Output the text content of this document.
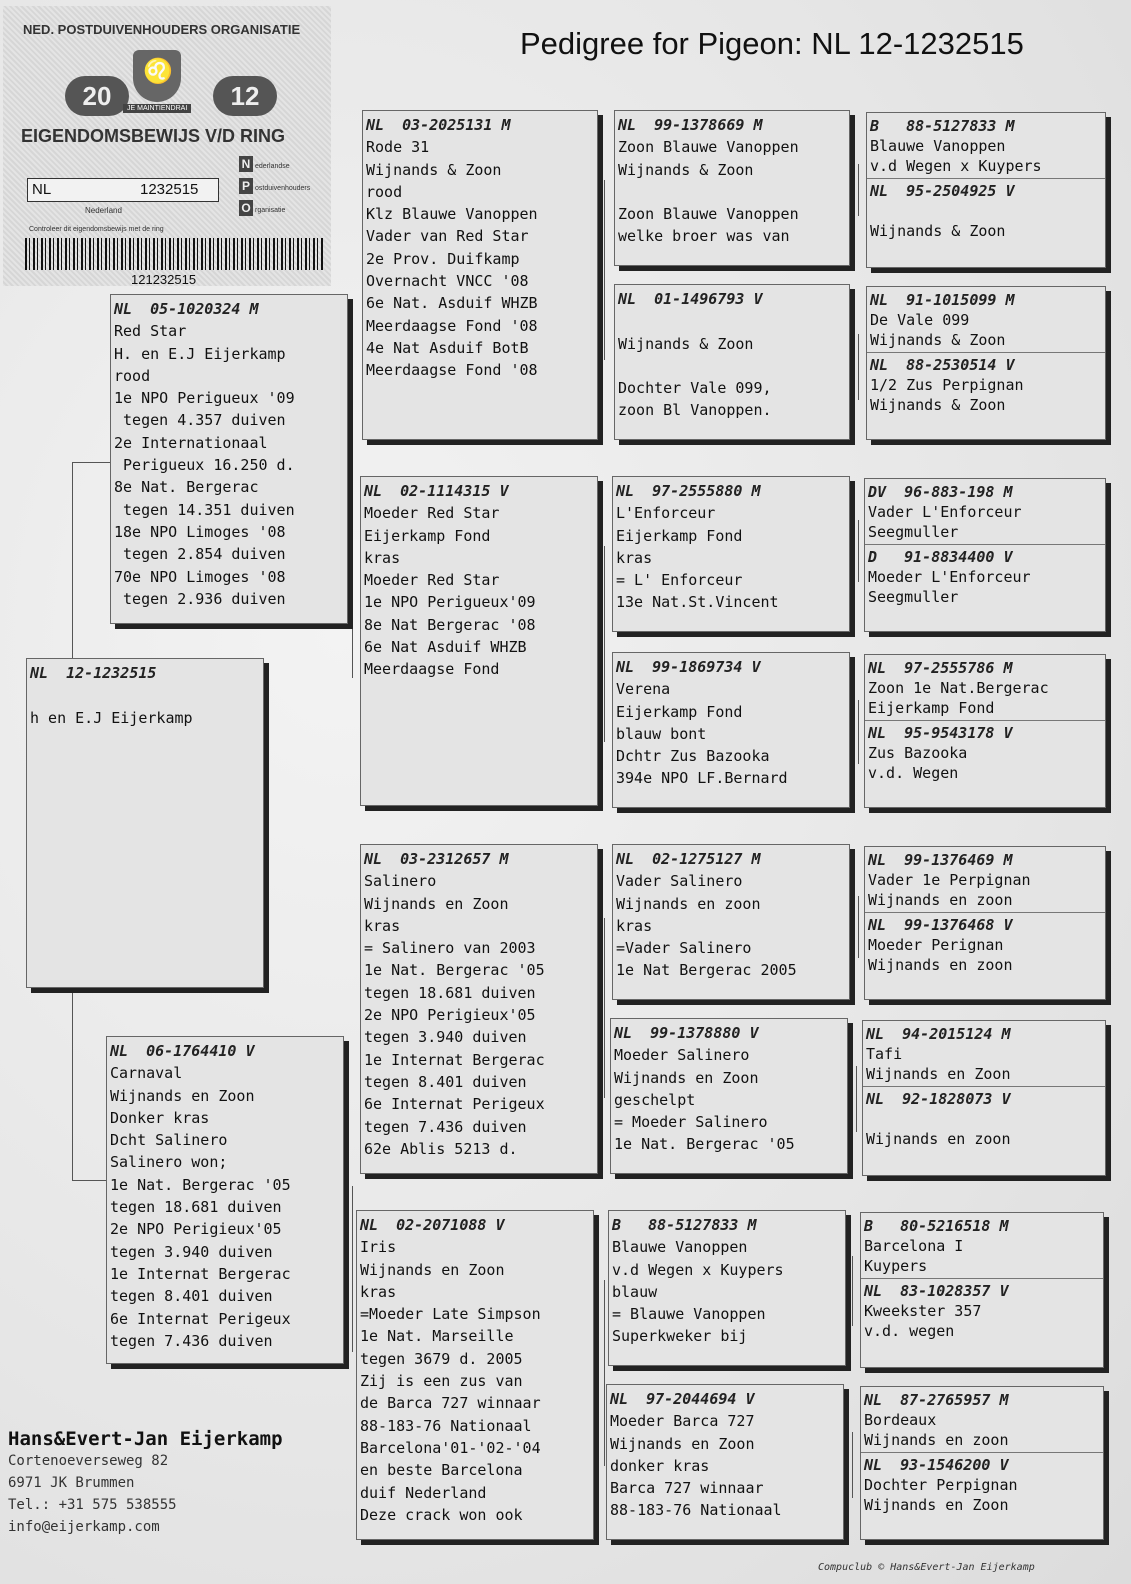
Pedigree for Pigeon: NL 12-1232515
NED. POSTDUIVENHOUDERS ORGANISATIE
20
♌
12
JE MAINTIENDRAI
EIGENDOMSBEWIJS V/D RING
N ederlandse
P ostduivenhouders
O rganisatie
NL	1232515
Nederland
Controleer dit eigendomsbewijs met de ring
121232515
NL  12-1232515

h en E.J Eijerkamp
NL  05-1020324 M
Red Star
H. en E.J Eijerkamp
rood
1e NPO Perigueux '09
tegen 4.357 duiven
2e Internationaal
Perigueux 16.250 d.
8e Nat. Bergerac
tegen 14.351 duiven
18e NPO Limoges '08
tegen 2.854 duiven
70e NPO Limoges '08
tegen 2.936 duiven
NL  06-1764410 V
Carnaval
Wijnands en Zoon
Donker kras
Dcht Salinero
Salinero won;
1e Nat. Bergerac '05
tegen 18.681 duiven
2e NPO Perigieux'05
tegen 3.940 duiven
1e Internat Bergerac
tegen 8.401 duiven
6e Internat Perigeux
tegen 7.436 duiven
NL  03-2025131 M
Rode 31
Wijnands & Zoon
rood
Klz Blauwe Vanoppen
Vader van Red Star
2e Prov. Duifkamp
Overnacht VNCC '08
6e Nat. Asduif WHZB
Meerdaagse Fond '08
4e Nat Asduif BotB
Meerdaagse Fond '08
NL  02-1114315 V
Moeder Red Star
Eijerkamp Fond
kras
Moeder Red Star
1e NPO Perigueux'09
8e Nat Bergerac '08
6e Nat Asduif WHZB
Meerdaagse Fond
NL  03-2312657 M
Salinero
Wijnands en Zoon
kras
= Salinero van 2003
1e Nat. Bergerac '05
tegen 18.681 duiven
2e NPO Perigieux'05
tegen 3.940 duiven
1e Internat Bergerac
tegen 8.401 duiven
6e Internat Perigeux
tegen 7.436 duiven
62e Ablis 5213 d.
NL  02-2071088 V
Iris
Wijnands en Zoon
kras
=Moeder Late Simpson
1e Nat. Marseille
tegen 3679 d. 2005
Zij is een zus van
de Barca 727 winnaar
88-183-76 Nationaal
Barcelona'01-'02-'04
en beste Barcelona
duif Nederland
Deze crack won ook
NL  99-1378669 M
Zoon Blauwe Vanoppen
Wijnands & Zoon

Zoon Blauwe Vanoppen
welke broer was van
NL  01-1496793 V

Wijnands & Zoon

Dochter Vale 099,
zoon Bl Vanoppen.
NL  97-2555880 M
L'Enforceur
Eijerkamp Fond
kras
= L' Enforceur
13e Nat.St.Vincent
NL  99-1869734 V
Verena
Eijerkamp Fond
blauw bont
Dchtr Zus Bazooka
394e NPO LF.Bernard
NL  02-1275127 M
Vader Salinero
Wijnands en zoon
kras
=Vader Salinero
1e Nat Bergerac 2005
NL  99-1378880 V
Moeder Salinero
Wijnands en Zoon
geschelpt
= Moeder Salinero
1e Nat. Bergerac '05
B   88-5127833 M
Blauwe Vanoppen
v.d Wegen x Kuypers
blauw
= Blauwe Vanoppen
Superkweker bij
NL  97-2044694 V
Moeder Barca 727
Wijnands en Zoon
donker kras
Barca 727 winnaar
88-183-76 Nationaal
B   88-5127833 M
Blauwe Vanoppen
v.d Wegen x Kuypers
NL  95-2504925 V

Wijnands & Zoon
NL  91-1015099 M
De Vale 099
Wijnands & Zoon
NL  88-2530514 V
1/2 Zus Perpignan
Wijnands & Zoon
DV  96-883-198 M
Vader L'Enforceur
Seegmuller
D   91-8834400 V
Moeder L'Enforceur
Seegmuller
NL  97-2555786 M
Zoon 1e Nat.Bergerac
Eijerkamp Fond
NL  95-9543178 V
Zus Bazooka
v.d. Wegen
NL  99-1376469 M
Vader 1e Perpignan
Wijnands en zoon
NL  99-1376468 V
Moeder Perignan
Wijnands en zoon
NL  94-2015124 M
Tafi
Wijnands en Zoon
NL  92-1828073 V

Wijnands en zoon
B   80-5216518 M
Barcelona I
Kuypers
NL  83-1028357 V
Kweekster 357
v.d. wegen
NL  87-2765957 M
Bordeaux
Wijnands en zoon
NL  93-1546200 V
Dochter Perpignan
Wijnands en Zoon
Hans&Evert-Jan Eijerkamp
Cortenoeverseweg 82
6971 JK Brummen
Tel.: +31 575 538555
info@eijerkamp.com
Compuclub © Hans&Evert-Jan Eijerkamp
